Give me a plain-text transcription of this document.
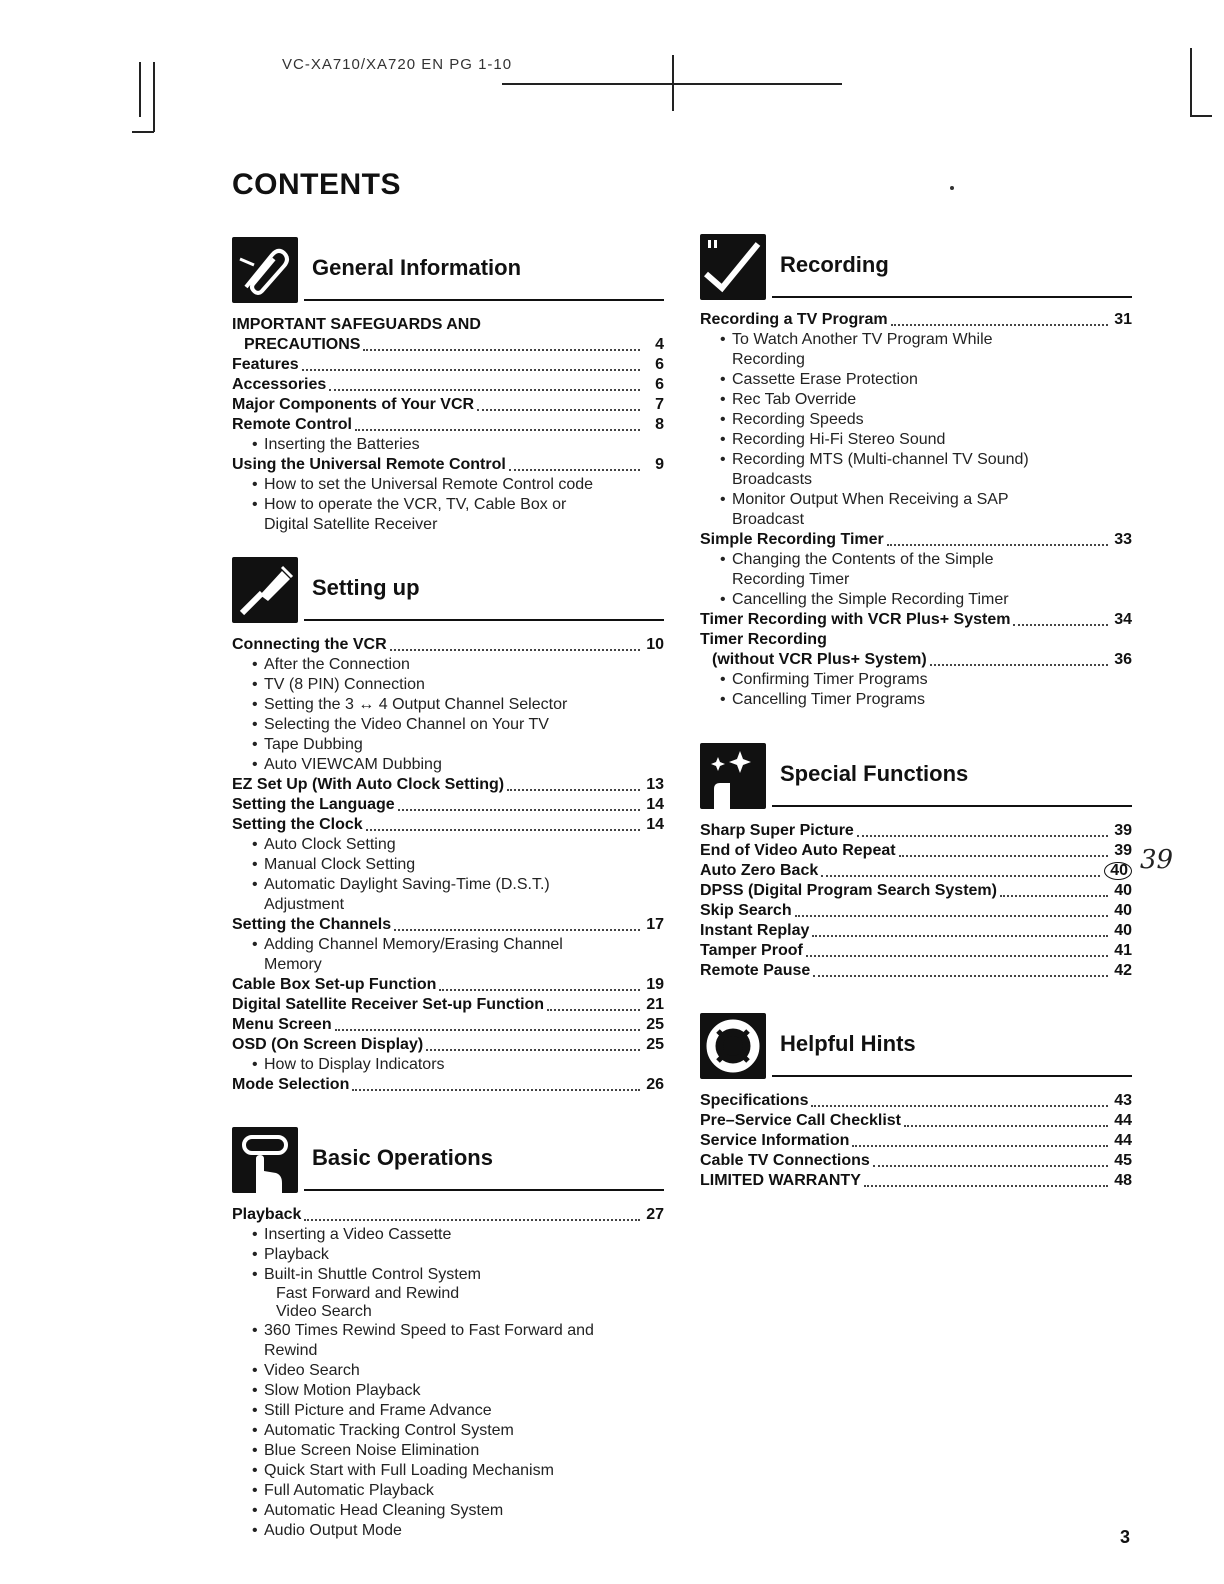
VC-XA710/XA720 EN PG 1-10
CONTENTS
General Information
IMPORTANT SAFEGUARDS AND
PRECAUTIONS	4
Features	6
Accessories	6
Major Components of Your VCR	7
Remote Control	8
• Inserting the Batteries
Using the Universal Remote Control	9
• How to set the Universal Remote Control code
• How to operate the VCR, TV, Cable Box or
Digital Satellite Receiver
Setting up
Connecting the VCR	10
• After the Connection
• TV (8 PIN) Connection
• Setting the 3 ↔ 4 Output Channel Selector
• Selecting the Video Channel on Your TV
• Tape Dubbing
• Auto VIEWCAM Dubbing
EZ Set Up (With Auto Clock Setting)	13
Setting the Language	14
Setting the Clock	14
• Auto Clock Setting
• Manual Clock Setting
• Automatic Daylight Saving-Time (D.S.T.)
Adjustment
Setting the Channels	17
• Adding Channel Memory/Erasing Channel
Memory
Cable Box Set-up Function	19
Digital Satellite Receiver Set-up Function	21
Menu Screen	25
OSD (On Screen Display)	25
• How to Display Indicators
Mode Selection	26
Basic Operations
Playback	27
• Inserting a Video Cassette
• Playback
• Built-in Shuttle Control System
Fast Forward and Rewind
Video Search
• 360 Times Rewind Speed to Fast Forward and
Rewind
• Video Search
• Slow Motion Playback
• Still Picture and Frame Advance
• Automatic Tracking Control System
• Blue Screen Noise Elimination
• Quick Start with Full Loading Mechanism
• Full Automatic Playback
• Automatic Head Cleaning System
• Audio Output Mode
Recording
Recording a TV Program	31
• To Watch Another TV Program While
Recording
• Cassette Erase Protection
• Rec Tab Override
• Recording Speeds
• Recording Hi-Fi Stereo Sound
• Recording MTS (Multi-channel TV Sound)
Broadcasts
• Monitor Output When Receiving a SAP
Broadcast
Simple Recording Timer	33
• Changing the Contents of the Simple
Recording Timer
• Cancelling the Simple Recording Timer
Timer Recording with VCR Plus+ System	34
Timer Recording
(without VCR Plus+ System)	36
• Confirming Timer Programs
• Cancelling Timer Programs
Special Functions
Sharp Super Picture	39
End of Video Auto Repeat	39
Auto Zero Back	40
DPSS (Digital Program Search System)	40
Skip Search	40
Instant Replay	40
Tamper Proof	41
Remote Pause	42
Helpful Hints
Specifications	43
Pre–Service Call Checklist	44
Service Information	44
Cable TV Connections	45
LIMITED WARRANTY	48
39
3
